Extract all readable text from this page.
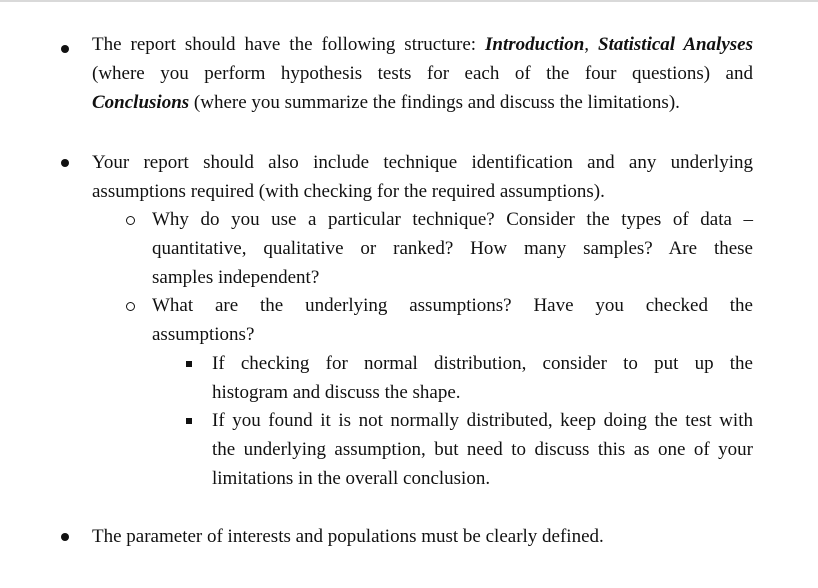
The report should have the following structure: Introduction, Statistical Analyses

(where you perform hypothesis tests for each of the four questions) and

Conclusions (where you summarize the findings and discuss the limitations).

Your report should also include technique identification and any underlying

assumptions required (with checking for the required assumptions).

Why do you use a particular technique? Consider the types of data –

quantitative, qualitative or ranked? How many samples? Are these

samples independent?

What are the underlying assumptions? Have you checked the

assumptions?

If checking for normal distribution, consider to put up the

histogram and discuss the shape.

If you found it is not normally distributed, keep doing the test with

the underlying assumption, but need to discuss this as one of your

limitations in the overall conclusion.

The parameter of interests and populations must be clearly defined.
